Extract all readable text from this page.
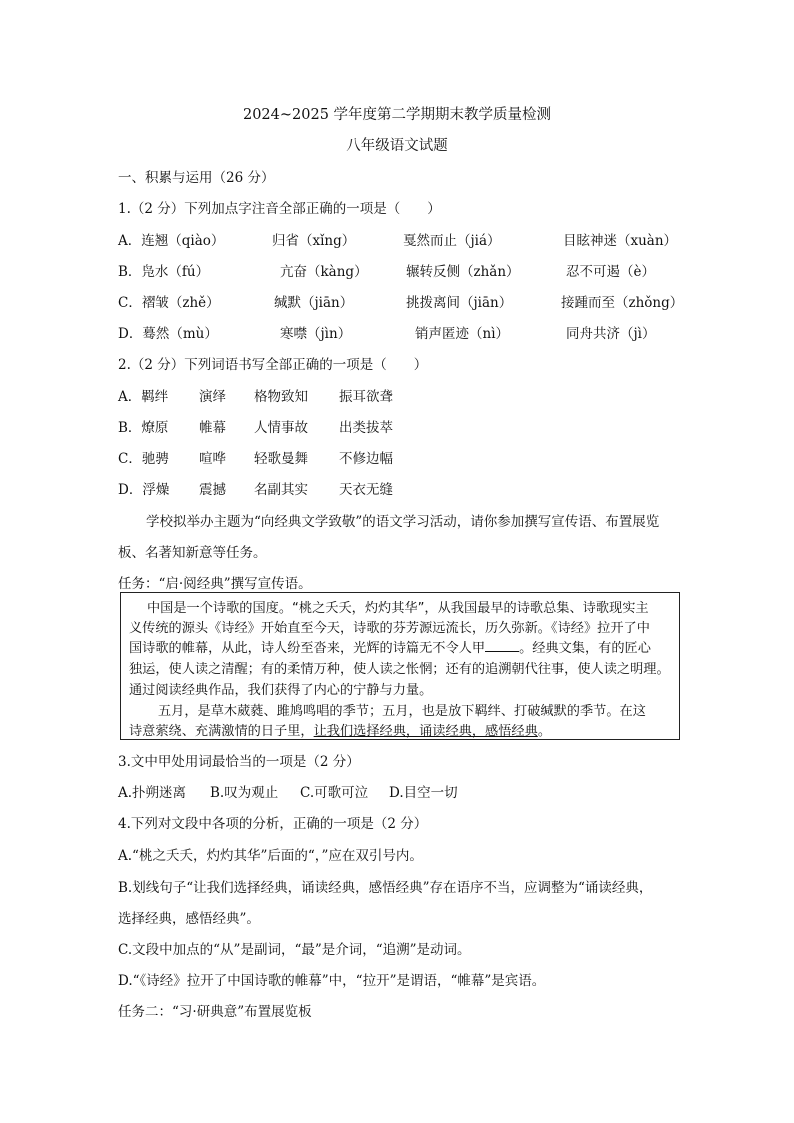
2024~2025 学年度第二学期期末教学质量检测
八年级语文试题
一、积累与运用（26 分）
1.（2 分）下列加点字注音全部正确的一项是（　　）
A．连翘（qiào）	归省（xǐng）	戛然而止（jiá）	目眩神迷（xuàn）
B．凫水（fú）	亢奋（kàng）	辗转反侧（zhǎn）	忍不可遏（è）
C．褶皱（zhě）	缄默（jiān）	挑拨离间（jiān）	接踵而至（zhǒng）
D．蓦然（mù）	寒噤（jìn）	销声匿迹（nì）	同舟共济（jì）
2.（2 分）下列词语书写全部正确的一项是（　　）
A．羁绊 演绎 格物致知 振耳欲聋
B．燎原 帷幕 人情事故 出类拔萃
C．驰骋 喧哗 轻歌曼舞 不修边幅
D．浮燥 震撼 名副其实 天衣无缝
学校拟举办主题为“向经典文学致敬”的语文学习活动，请你参加撰写宣传语、布置展览
板、名著知新意等任务。
任务：“启·阅经典”撰写宣传语。
中国是一个诗歌的国度。“桃之夭夭，灼灼其华”，从我国最早的诗歌总集、诗歌现实主
义传统的源头《诗经》开始直至今天，诗歌的芬芳源远流长，历久弥新。《诗经》拉开了中
国诗歌的帷幕，从此，诗人纷至沓来，光辉的诗篇无不令人甲	。经典文集，有的匠心
独运，使人读之清醒；有的柔情万种，使人读之怅惘；还有的追溯朝代往事，使人读之明理。
通过阅读经典作品，我们获得了内心的宁静与力量。
五月，是草木葳蕤、雎鸠鸣唱的季节；五月，也是放下羁绊、打破缄默的季节。在这
诗意萦绕、充满激情的日子里，让我们选择经典，诵读经典，感悟经典。
3.文中甲处用词最恰当的一项是（2 分）
A.扑朔迷离 B.叹为观止 C.可歌可泣 D.目空一切
4.下列对文段中各项的分析，正确的一项是（2 分）
A.“桃之夭夭，灼灼其华”后面的“，”应在双引号内。
B.划线句子“让我们选择经典，诵读经典，感悟经典”存在语序不当，应调整为“诵读经典，
选择经典，感悟经典”。
C.文段中加点的“从”是副词，“最”是介词，“追溯”是动词。
D.“《诗经》拉开了中国诗歌的帷幕”中，“拉开”是谓语，“帷幕”是宾语。
任务二：“习·研典意”布置展览板
